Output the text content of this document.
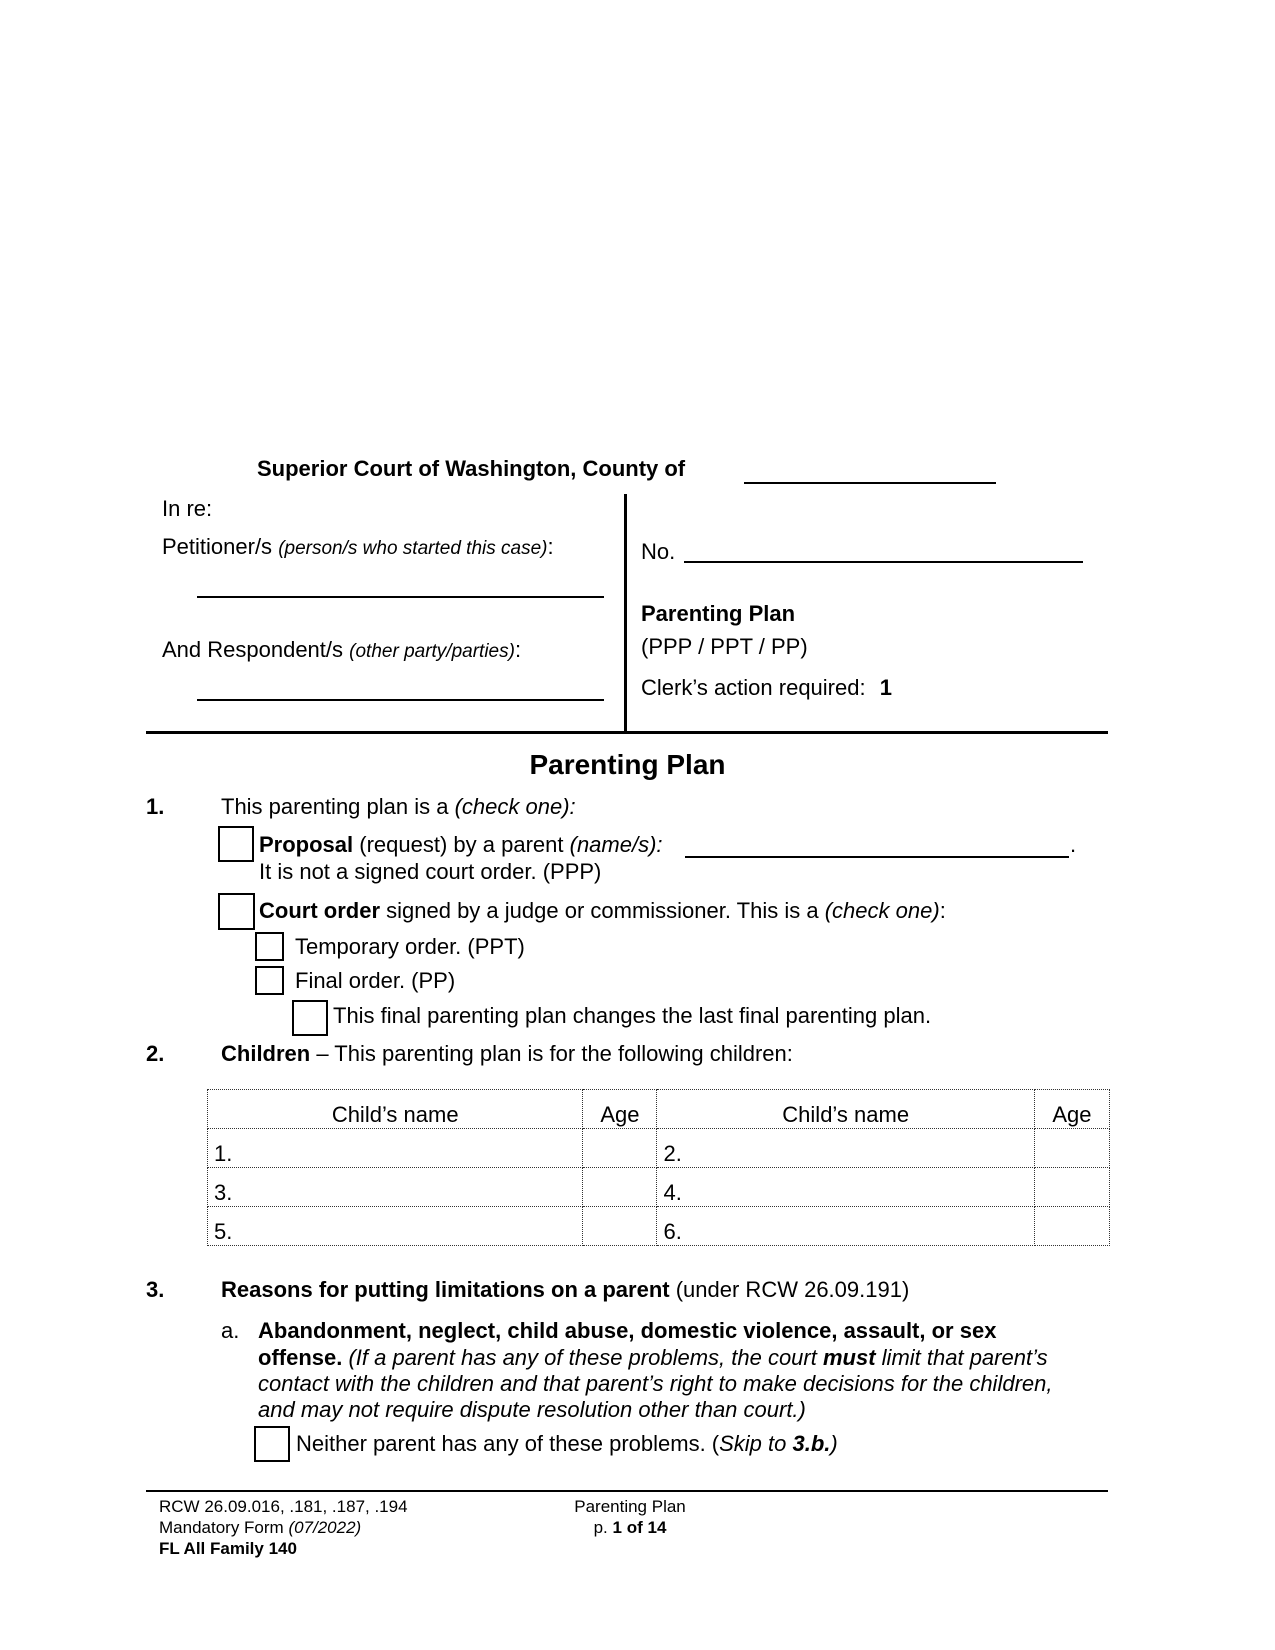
Superior Court of Washington, County of
In re:
Petitioner/s (person/s who started this case):
And Respondent/s (other party/parties):
No.
Parenting Plan
(PPP / PPT / PP)
Clerk’s action required: 1
Parenting Plan
1.	This parenting plan is a (check one):
Proposal (request) by a parent (name/s):	.
It is not a signed court order. (PPP)
Court order signed by a judge or commissioner. This is a (check one):
Temporary order. (PPT)
Final order. (PP)
This final parenting plan changes the last final parenting plan.
2.	Children – This parenting plan is for the following children:
Child’s name	Age	Child’s name	Age
1.		2.	
3.		4.	
5.		6.	
3.	Reasons for putting limitations on a parent (under RCW 26.09.191)
a. Abandonment, neglect, child abuse, domestic violence, assault, or sex
offense. (If a parent has any of these problems, the court must limit that parent’s
contact with the children and that parent’s right to make decisions for the children,
and may not require dispute resolution other than court.)
Neither parent has any of these problems. (Skip to 3.b.)
RCW 26.09.016, .181, .187, .194
Mandatory Form (07/2022)
FL All Family 140
Parenting Plan
p. 1 of 14
